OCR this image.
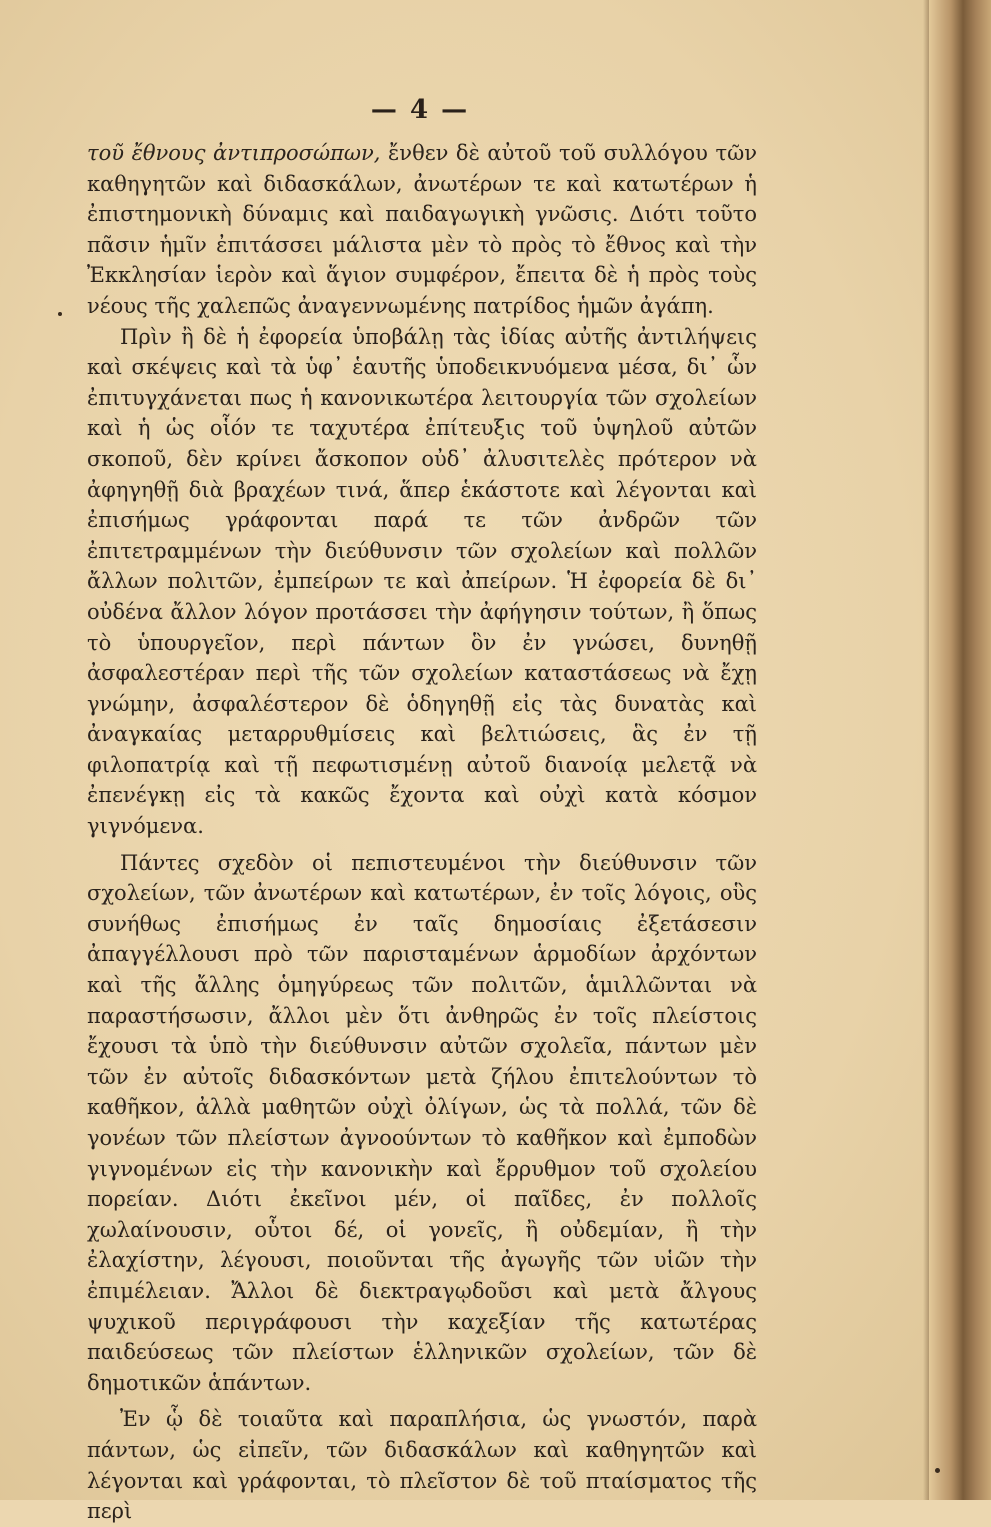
— 4 —

τοῦ ἔθνους ἀντιπροσώπων, ἔνθεν δὲ αὐτοῦ τοῦ συλλόγου τῶν καθηγητῶν καὶ διδασκάλων, ἀνωτέρων τε καὶ κατωτέρων ἡ ἐπιστημονικὴ δύναμις καὶ παιδαγωγικὴ γνῶσις. Διότι τοῦτο πᾶσιν ἡμῖν ἐπιτάσσει μάλιστα μὲν τὸ πρὸς τὸ ἔθνος καὶ τὴν Ἐκκλησίαν ἱερὸν καὶ ἅγιον συμφέρον, ἔπειτα δὲ ἡ πρὸς τοὺς νέους τῆς χαλεπῶς ἀναγεννωμένης πατρίδος ἡμῶν ἀγάπη.

Πρὶν ἢ δὲ ἡ ἐφορεία ὑποβάλῃ τὰς ἰδίας αὐτῆς ἀντιλήψεις καὶ σκέψεις καὶ τὰ ὑφ᾽ ἑαυτῆς ὑποδεικνυόμενα μέσα, δι᾽ ὧν ἐπιτυγχάνεται πως ἡ κανονικωτέρα λειτουργία τῶν σχολείων καὶ ἡ ὡς οἷόν τε ταχυτέρα ἐπίτευξις τοῦ ὑψηλοῦ αὐτῶν σκοποῦ, δὲν κρίνει ἄσκοπον οὐδ᾽ ἀλυσιτελὲς πρότερον νὰ ἀφηγηθῇ διὰ βραχέων τινά, ἅπερ ἑκάστοτε καὶ λέγονται καὶ ἐπισήμως γράφονται παρά τε τῶν ἀνδρῶν τῶν ἐπιτετραμμένων τὴν διεύθυνσιν τῶν σχολείων καὶ πολλῶν ἄλλων πολιτῶν, ἐμπείρων τε καὶ ἀπείρων. Ἡ ἐφορεία δὲ δι᾽ οὐδένα ἄλλον λόγον προτάσσει τὴν ἀφήγησιν τούτων, ἢ ὅπως τὸ ὑπουργεῖον, περὶ πάντων ὃν ἐν γνώσει, δυνηθῇ ἀσφαλεστέραν περὶ τῆς τῶν σχολείων καταστάσεως νὰ ἔχῃ γνώμην, ἀσφαλέστερον δὲ ὁδηγηθῇ εἰς τὰς δυνατὰς καὶ ἀναγκαίας μεταρρυθμίσεις καὶ βελτιώσεις, ἃς ἐν τῇ φιλοπατρίᾳ καὶ τῇ πεφωτισμένῃ αὐτοῦ διανοίᾳ μελετᾷ νὰ ἐπενέγκῃ εἰς τὰ κακῶς ἔχοντα καὶ οὐχὶ κατὰ κόσμον γιγνόμενα.

Πάντες σχεδὸν οἱ πεπιστευμένοι τὴν διεύθυνσιν τῶν σχολείων, τῶν ἀνωτέρων καὶ κατωτέρων, ἐν τοῖς λόγοις, οὓς συνήθως ἐπισήμως ἐν ταῖς δημοσίαις ἐξετάσεσιν ἀπαγγέλλουσι πρὸ τῶν παρισταμένων ἁρμοδίων ἀρχόντων καὶ τῆς ἄλλης ὁμηγύρεως τῶν πολιτῶν, ἁμιλλῶνται νὰ παραστήσωσιν, ἄλλοι μὲν ὅτι ἀνθηρῶς ἐν τοῖς πλείστοις ἔχουσι τὰ ὑπὸ τὴν διεύθυνσιν αὐτῶν σχολεῖα, πάντων μὲν τῶν ἐν αὐτοῖς διδασκόντων μετὰ ζήλου ἐπιτελούντων τὸ καθῆκον, ἀλλὰ μαθητῶν οὐχὶ ὀλίγων, ὡς τὰ πολλά, τῶν δὲ γονέων τῶν πλείστων ἀγνοούντων τὸ καθῆκον καὶ ἐμποδὼν γιγνομένων εἰς τὴν κανονικὴν καὶ ἔρρυθμον τοῦ σχολείου πορείαν. Διότι ἐκεῖνοι μέν, οἱ παῖδες, ἐν πολλοῖς χωλαίνουσιν, οὗτοι δέ, οἱ γονεῖς, ἢ οὐδεμίαν, ἢ τὴν ἐλαχίστην, λέγουσι, ποιοῦνται τῆς ἀγωγῆς τῶν υἱῶν τὴν ἐπιμέλειαν. Ἄλλοι δὲ διεκτραγῳδοῦσι καὶ μετὰ ἄλγους ψυχικοῦ περιγράφουσι τὴν καχεξίαν τῆς κατωτέρας παιδεύσεως τῶν πλείστων ἑλληνικῶν σχολείων, τῶν δὲ δημοτικῶν ἁπάντων.

Ἐν ᾧ δὲ τοιαῦτα καὶ παραπλήσια, ὡς γνωστόν, παρὰ πάντων, ὡς εἰπεῖν, τῶν διδασκάλων καὶ καθηγητῶν καὶ λέγονται καὶ γράφονται, τὸ πλεῖστον δὲ τοῦ πταίσματος τῆς περὶ
